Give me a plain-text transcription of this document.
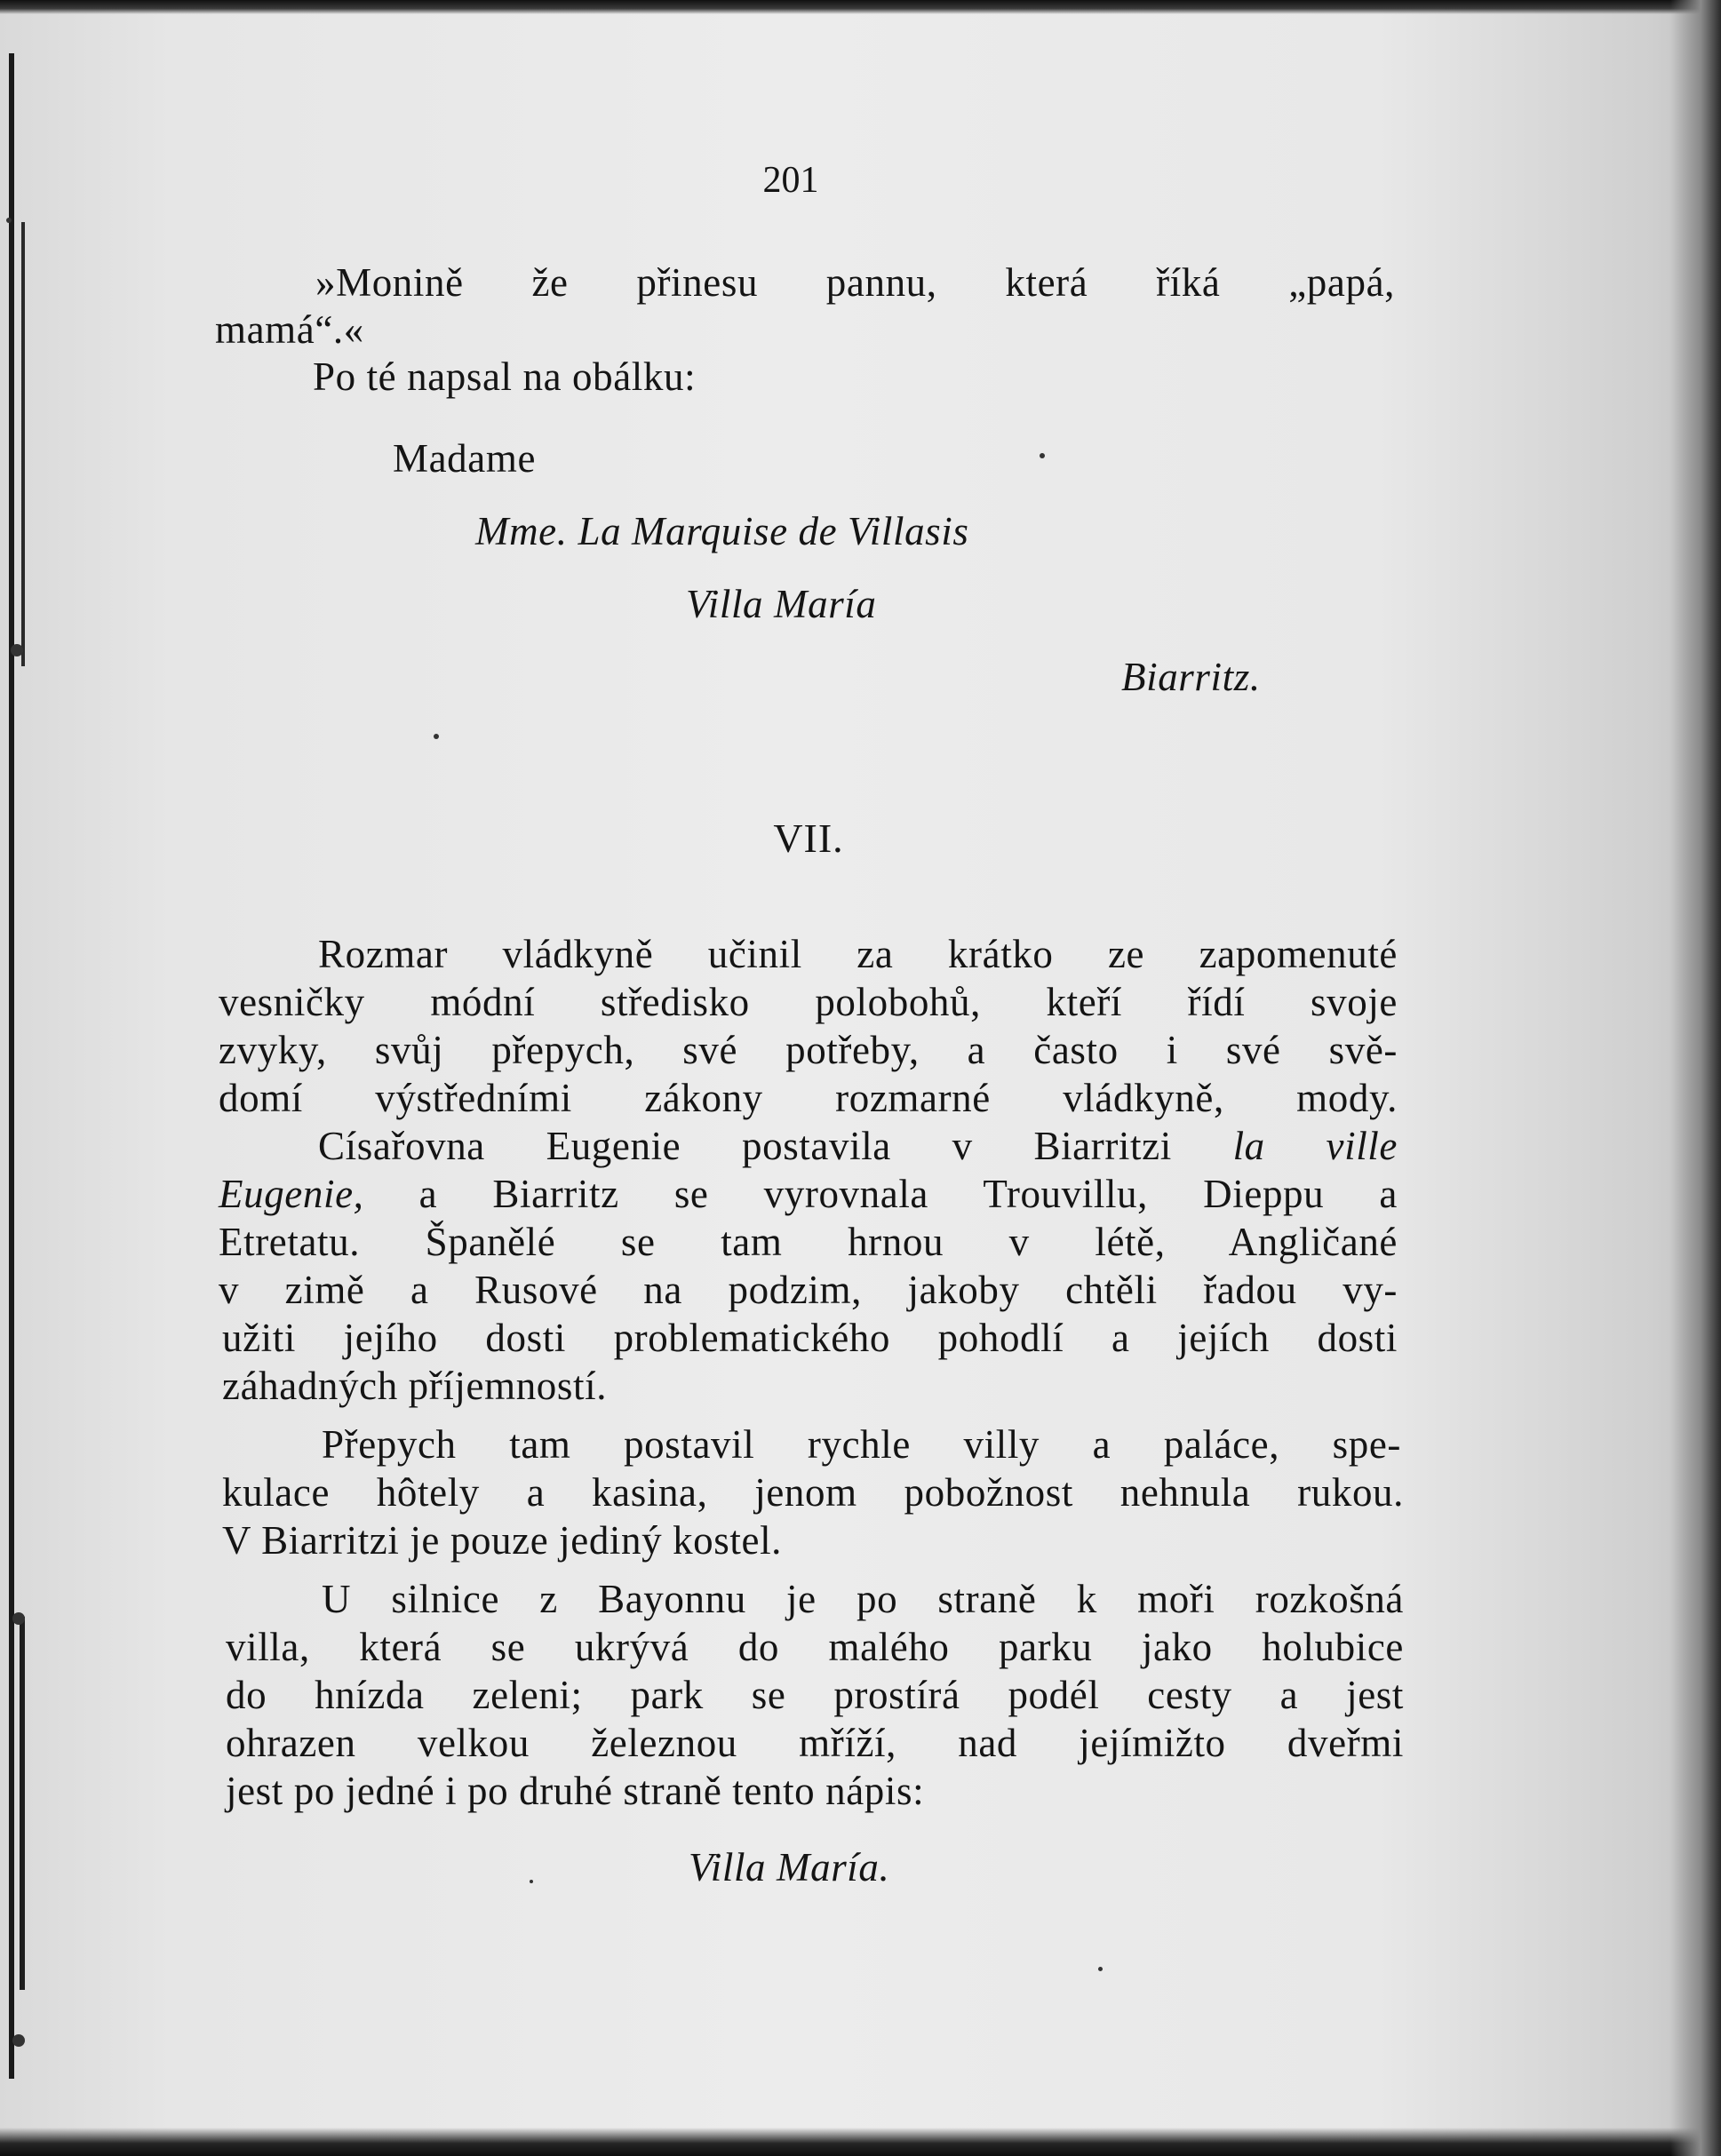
201
»Monině že přinesu pannu, která říká „papá,
mamá“.«
Po té napsal na obálku:
Madame
Mme. La Marquise de Villasis
Villa María
Biarritz.
VII.
Rozmar vládkyně učinil za krátko ze zapomenuté
vesničky módní středisko polobohů, kteří řídí svoje
zvyky, svůj přepych, své potřeby, a často i své svě-
domí výstředními zákony rozmarné vládkyně, mody.
Císařovna Eugenie postavila v Biarritzi la ville
Eugenie, a Biarritz se vyrovnala Trouvillu, Dieppu a
Etretatu. Španělé se tam hrnou v létě, Angličané
v zimě a Rusové na podzim, jakoby chtěli řadou vy-
užiti jejího dosti problematického pohodlí a jejích dosti
záhadných příjemností.
Přepych tam postavil rychle villy a paláce, spe-
kulace hôtely a kasina, jenom pobožnost nehnula rukou.
V Biarritzi je pouze jediný kostel.
U silnice z Bayonnu je po straně k moři rozkošná
villa, která se ukrývá do malého parku jako holubice
do hnízda zeleni; park se prostírá podél cesty a jest
ohrazen velkou železnou mříží, nad jejímižto dveřmi
jest po jedné i po druhé straně tento nápis:
Villa María.
